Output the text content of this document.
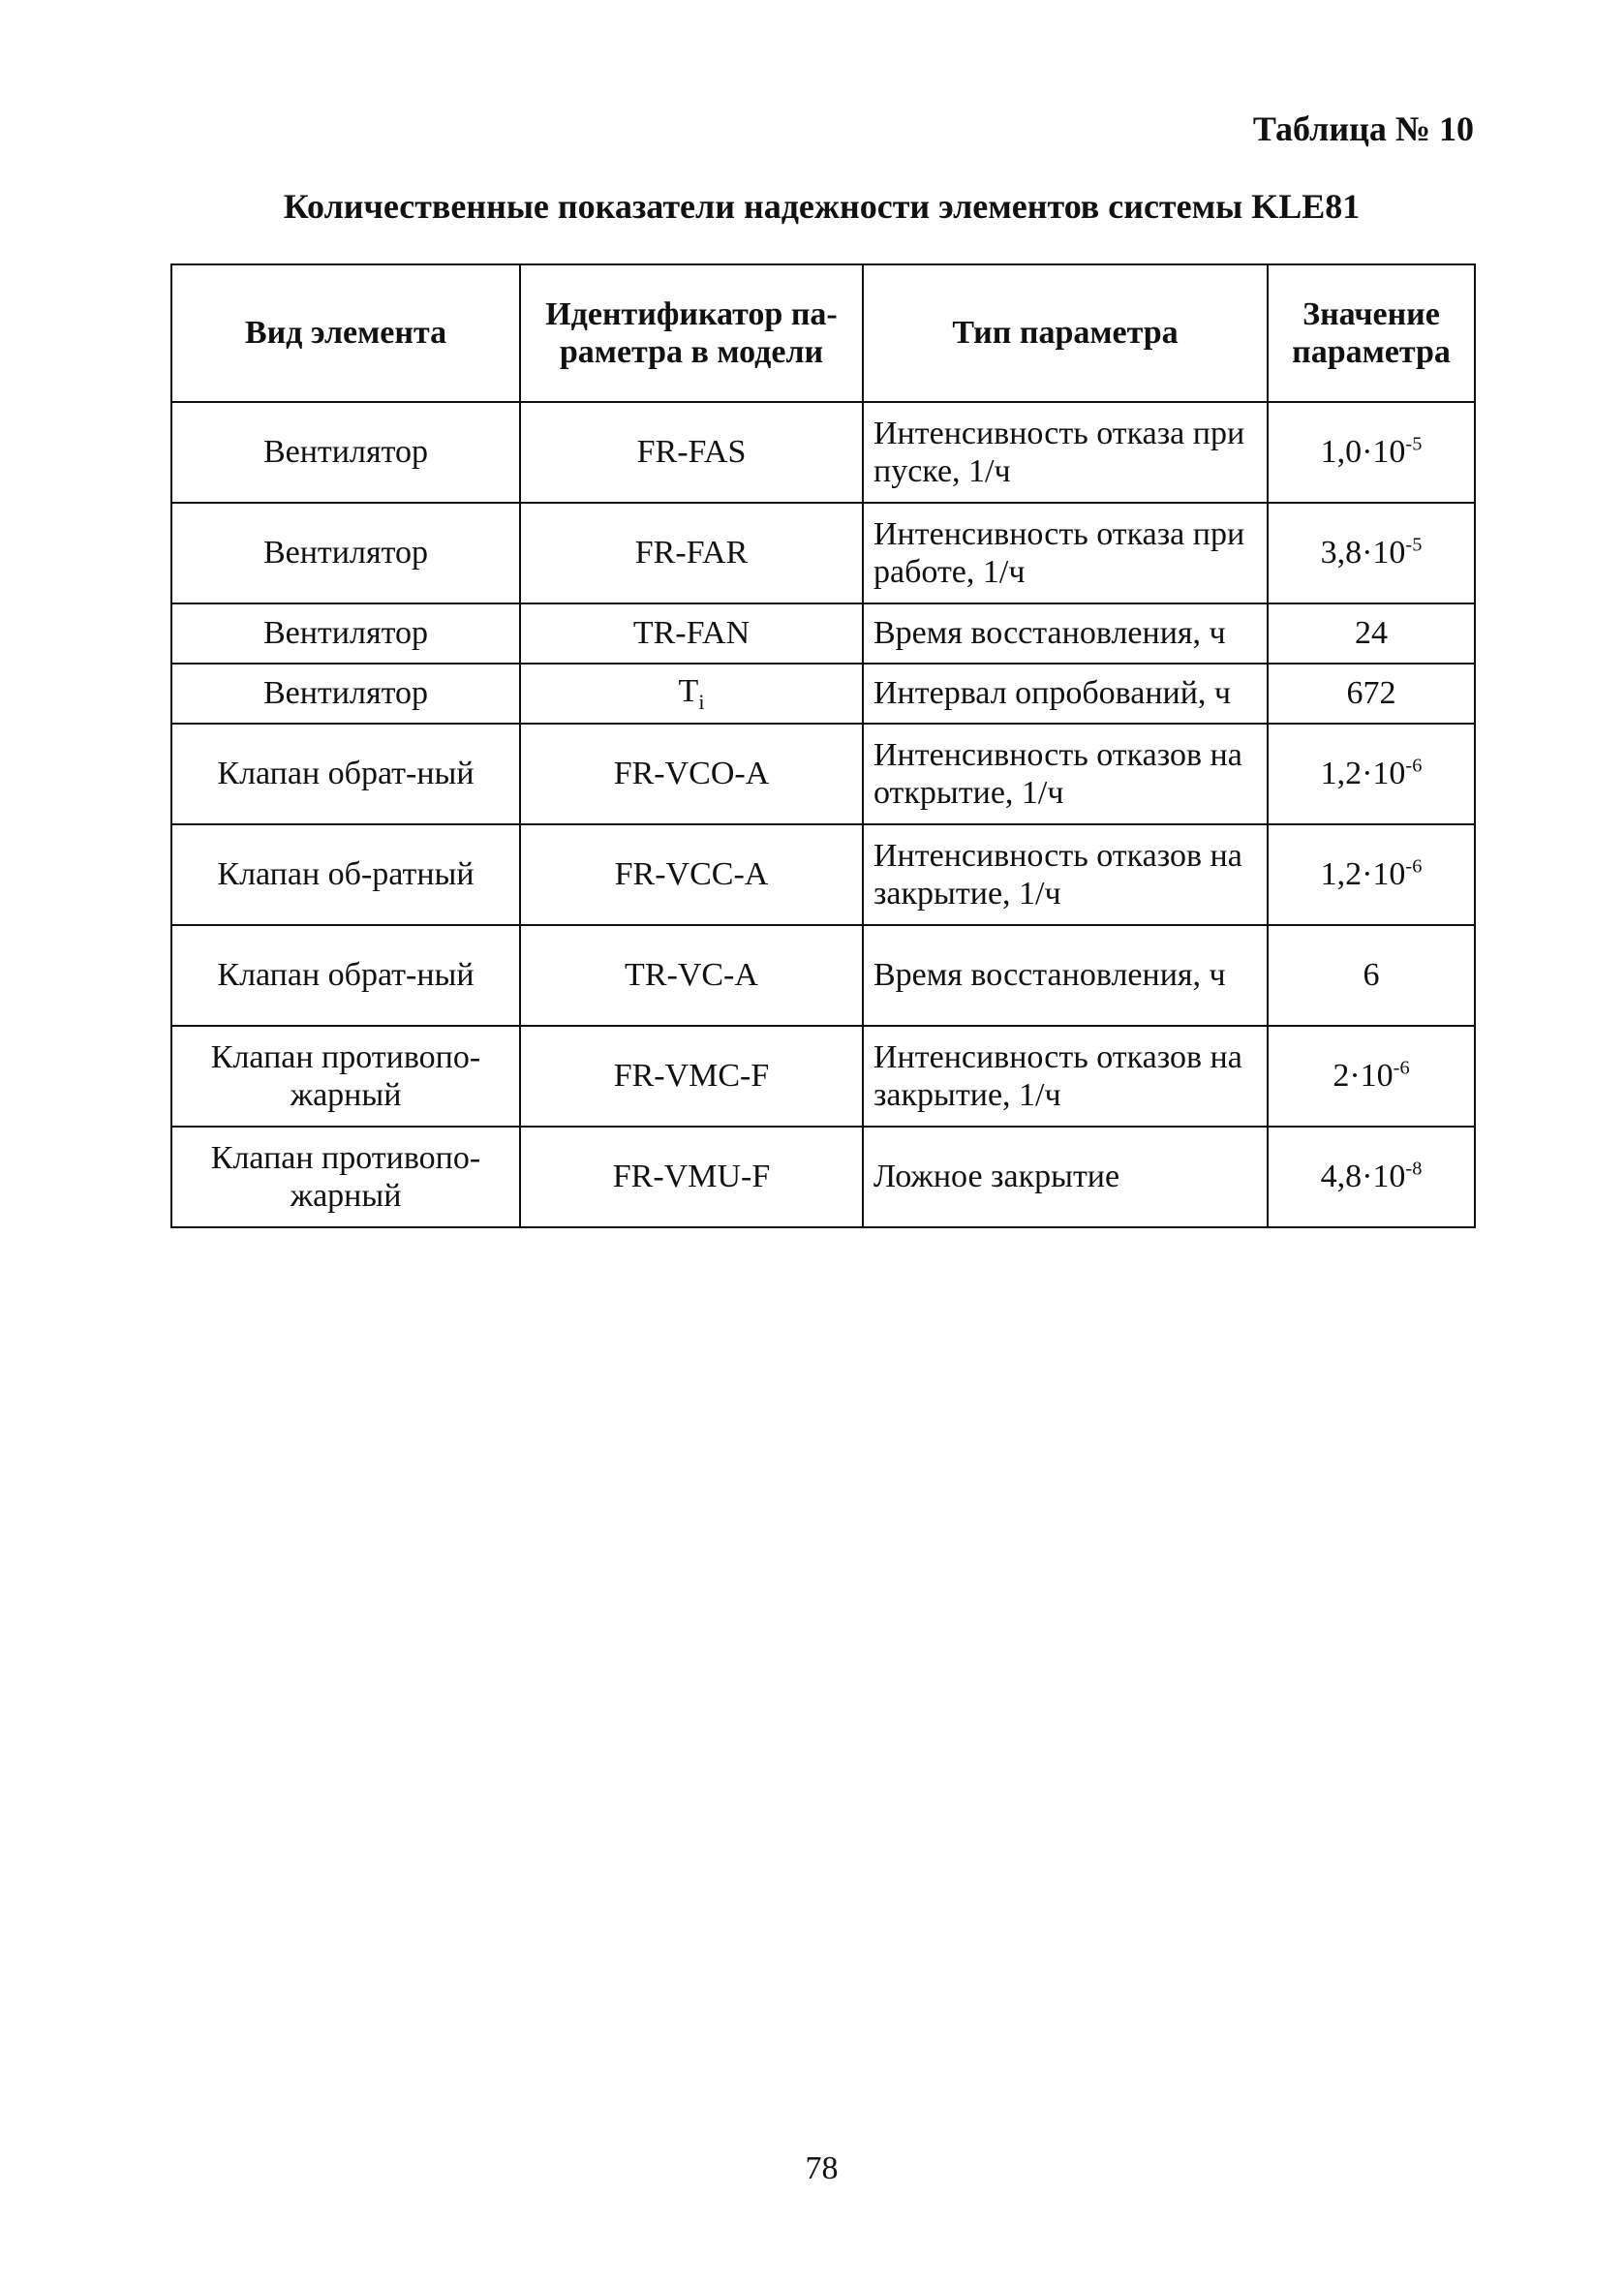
Таблица № 10
Количественные показатели надежности элементов системы KLE81
Вид элемента	Идентификатор па-раметра в модели	Тип параметра	Значение параметра
Вентилятор	FR-FAS	Интенсивность отказа при пуске, 1/ч	$1,0\cdot 10^{-5}$
Вентилятор	FR-FAR	Интенсивность отказа при работе, 1/ч	$3,8\cdot 10^{-5}$
Вентилятор	TR-FAN	Время восстановления, ч	24
Вентилятор	$T_i$	Интервал опробований, ч	672
Клапан обрат-ный	FR-VCO-A	Интенсивность отказов на открытие, 1/ч	$1,2\cdot 10^{-6}$
Клапан об-ратный	FR-VCC-A	Интенсивность отказов на закрытие, 1/ч	$1,2\cdot 10^{-6}$
Клапан обрат-ный	TR-VC-A	Время восстановления, ч	6
Клапан противопо-жарный	FR-VMC-F	Интенсивность отказов на закрытие, 1/ч	$2\cdot 10^{-6}$
Клапан противопо-жарный	FR-VMU-F	Ложное закрытие	$4,8\cdot 10^{-8}$
78
